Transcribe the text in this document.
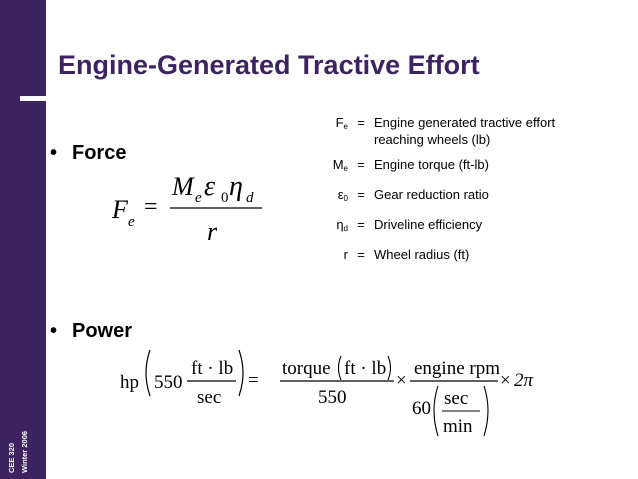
CEE 320 Winter 2006
Engine-Generated Tractive Effort
• Force
• Power
$F_e$	=	Engine generated tractive effort
reaching wheels (lb)

$M_e$	=	Engine torque (ft-lb)

$\varepsilon_0$	=	Gear reduction ratio

$\eta_d$	=	Driveline efficiency

r	=	Wheel radius (ft)
F e
=
M e ε 0 η d
r
hp 550
ft · lb
sec
=
torque ft · lb
550
×
engine rpm
60 sec
min
× 2π
